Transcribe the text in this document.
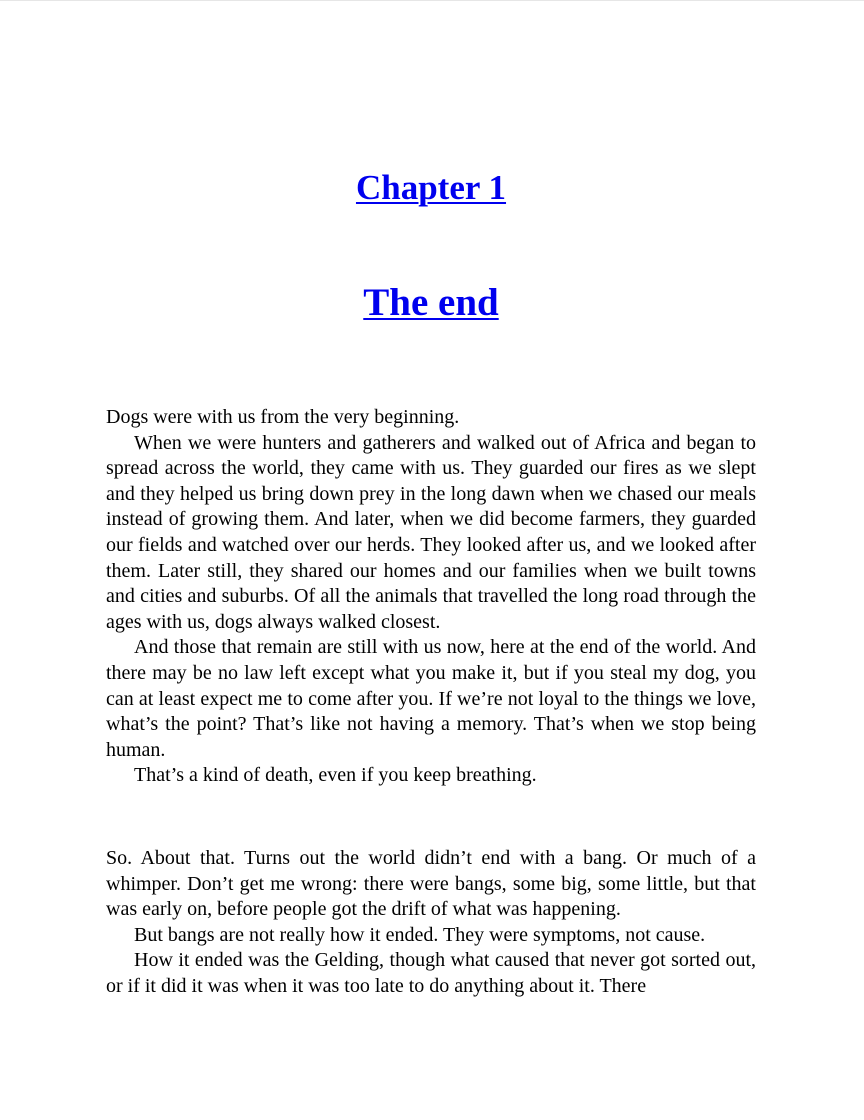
Chapter 1
The end

Dogs were with us from the very beginning.

When we were hunters and gatherers and walked out of Africa and began to spread across the world, they came with us. They guarded our fires as we slept and they helped us bring down prey in the long dawn when we chased our meals instead of growing them. And later, when we did become farmers, they guarded our fields and watched over our herds. They looked after us, and we looked after them. Later still, they shared our homes and our families when we built towns and cities and suburbs. Of all the animals that travelled the long road through the ages with us, dogs always walked closest.

And those that remain are still with us now, here at the end of the world. And there may be no law left except what you make it, but if you steal my dog, you can at least expect me to come after you. If we’re not loyal to the things we love, what’s the point? That’s like not having a memory. That’s when we stop being human.

That’s a kind of death, even if you keep breathing.

So. About that. Turns out the world didn’t end with a bang. Or much of a whimper. Don’t get me wrong: there were bangs, some big, some little, but that was early on, before people got the drift of what was happening.

But bangs are not really how it ended. They were symptoms, not cause.

How it ended was the Gelding, though what caused that never got sorted out, or if it did it was when it was too late to do anything about it. There
